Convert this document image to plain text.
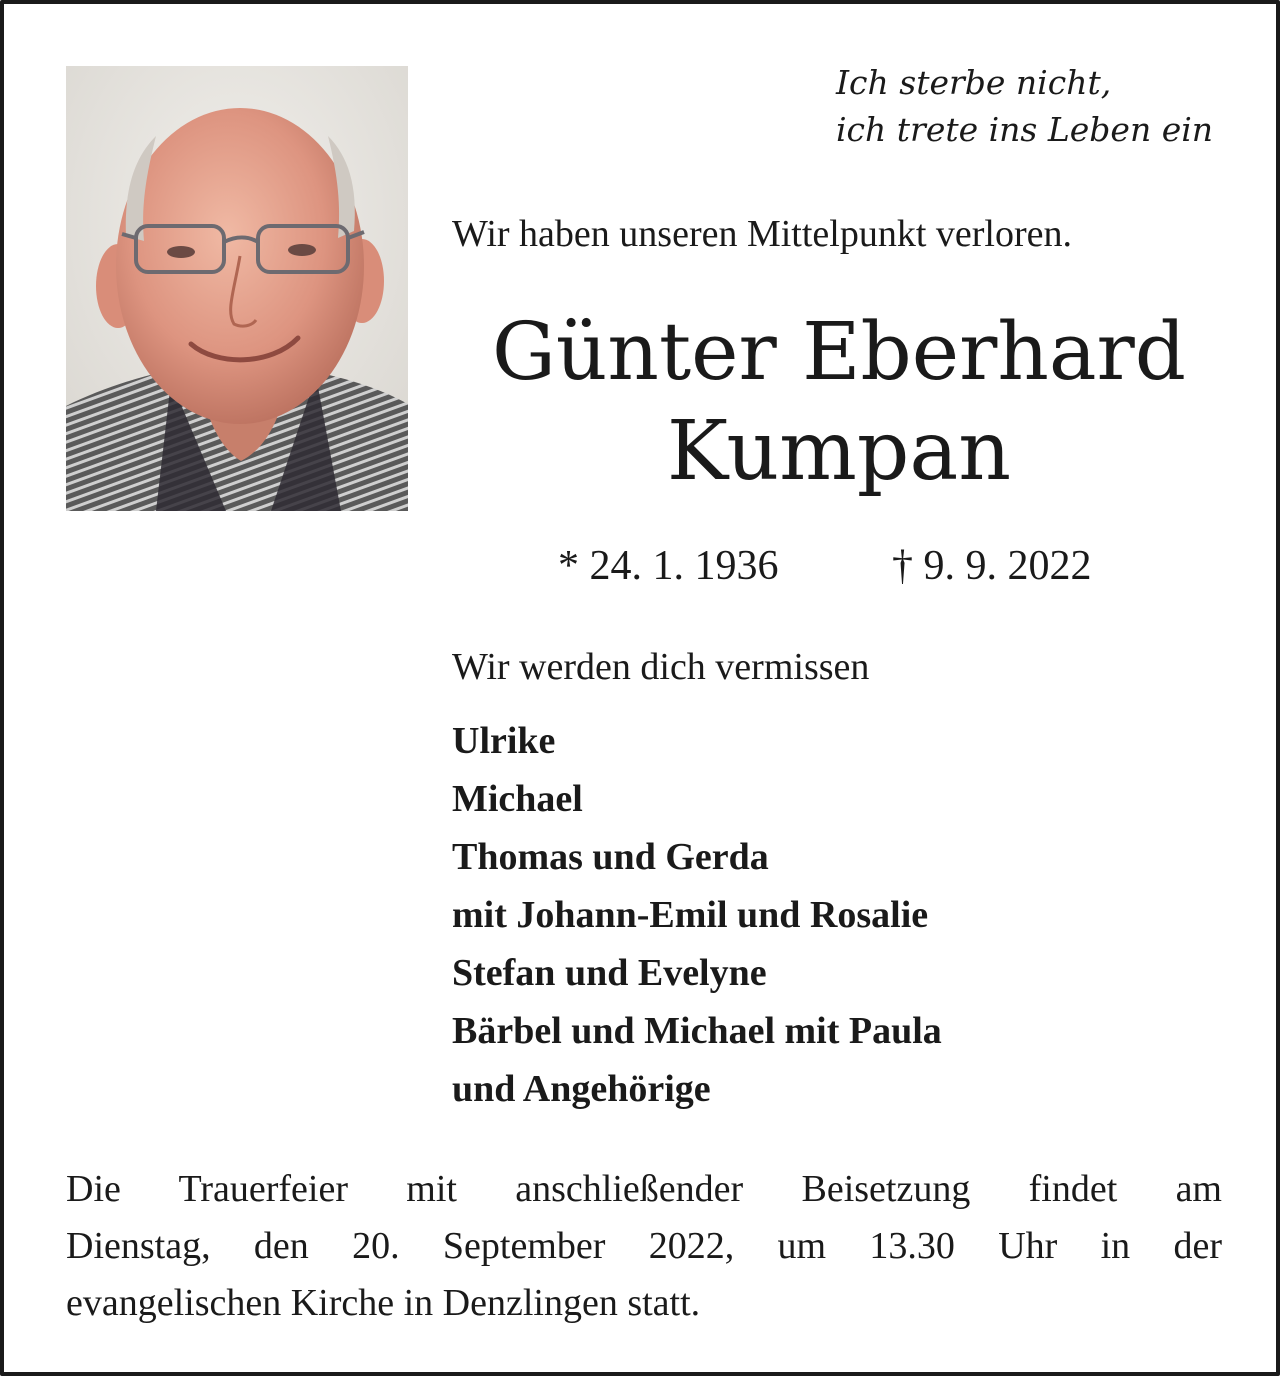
Ich sterbe nicht,
ich trete ins Leben ein
Wir haben unseren Mittelpunkt verloren.
Günter Eberhard
Kumpan
* 24. 1. 1936	† 9. 9. 2022
Wir werden dich vermissen
Ulrike
Michael
Thomas und Gerda
mit Johann-Emil und Rosalie
Stefan und Evelyne
Bärbel und Michael mit Paula
und Angehörige

Die Trauerfeier mit anschließender Beisetzung findet am
Dienstag, den 20. September 2022, um 13.30 Uhr in der
evangelischen Kirche in Denzlingen statt.
